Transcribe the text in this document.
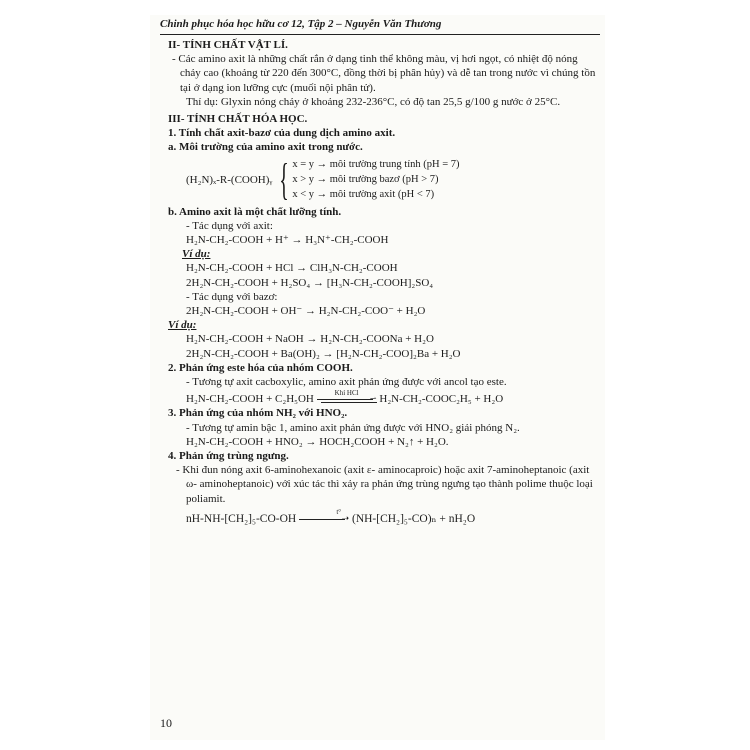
Chinh phục hóa học hữu cơ 12, Tập 2 – Nguyễn Văn Thương
II- TÍNH CHẤT VẬT LÍ.
- Các amino axit là những chất rắn ở dạng tinh thể không màu, vị hơi ngọt, có nhiệt độ nóng chảy cao (khoảng từ 220 đến 300°C, đồng thời bị phân hủy) và dễ tan trong nước vì chúng tồn tại ở dạng ion lưỡng cực (muối nội phân tử).
Thí dụ: Glyxin nóng chảy ở khoảng 232-236°C, có độ tan 25,5 g/100 g nước ở 25°C.
III- TÍNH CHẤT HÓA HỌC.
1. Tính chất axit-bazơ của dung dịch amino axit.
a. Môi trường của amino axit trong nước.
(H₂N)ₓ-R-(COOH)ᵧ { x = y → môi trường trung tính (pH = 7)
x > y → môi trường bazơ (pH > 7)
x < y → môi trường axit (pH < 7)
b. Amino axit là một chất lưỡng tính.
- Tác dụng với axit:
H₂N-CH₂-COOH + H⁺ → H₃N⁺-CH₂-COOH
Ví dụ:
H₂N-CH₂-COOH + HCl → ClH₃N-CH₂-COOH
2H₂N-CH₂-COOH + H₂SO₄ → [H₃N-CH₂-COOH]₂SO₄
- Tác dụng với bazơ:
2H₂N-CH₂-COOH + OH⁻ → H₂N-CH₂-COO⁻ + H₂O
Ví dụ:
H₂N-CH₂-COOH + NaOH → H₂N-CH₂-COONa + H₂O
2H₂N-CH₂-COOH + Ba(OH)₂ → [H₂N-CH₂-COO]₂Ba + H₂O
2. Phản ứng este hóa của nhóm COOH.
- Tương tự axit cacboxylic, amino axit phản ứng được với ancol tạo este.
H₂N-CH₂-COOH + C₂H₅OH
Khí HCl
⇀ H₂N-CH₂-COOC₂H₅ + H₂O
3. Phản ứng của nhóm NH₂ với HNO₂.
- Tương tự amin bậc 1, amino axit phản ứng được với HNO₂ giải phóng N₂.
H₂N-CH₂-COOH + HNO₂ → HOCH₂COOH + N₂↑ + H₂O.
4. Phản ứng trùng ngưng.
- Khi đun nóng axit 6-aminohexanoic (axit ε- aminocaproic) hoặc axit 7-aminoheptanoic (axit ω- aminoheptanoic) với xúc tác thì xảy ra phản ứng trùng ngưng tạo thành polime thuộc loại poliamit.
nH-NH-[CH₂]₅-CO-OH
t°
➝ (NH-[CH₂]₅-CO)ₙ + nH₂O
10
